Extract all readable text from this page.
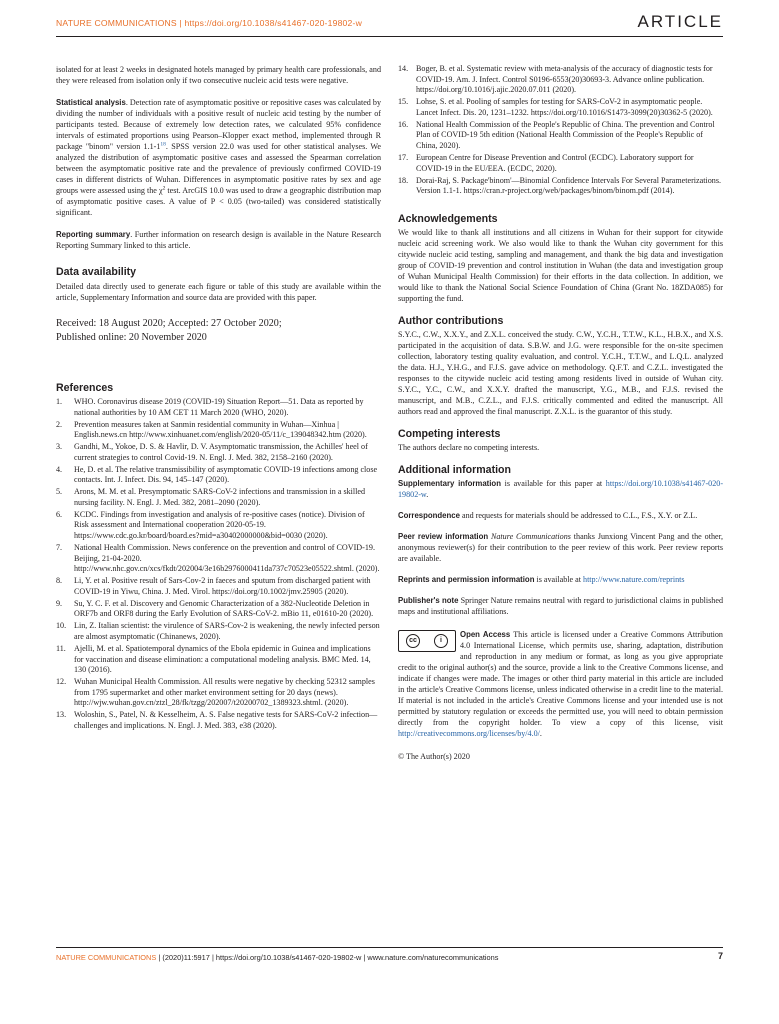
NATURE COMMUNICATIONS | https://doi.org/10.1038/s41467-020-19802-w	ARTICLE

isolated for at least 2 weeks in designated hotels managed by primary health care professionals, and they were released from isolation only if two consecutive nucleic acid tests were negative.

Statistical analysis. Detection rate of asymptomatic positive or repositive cases was calculated by dividing the number of individuals with a positive result of nucleic acid testing by the number of participants tested. Because of extremely low detection rates, we calculated 95% confidence intervals of estimated proportions using Pearson–Klopper exact method, implemented through R package "binom" version $1.1-1^{18}$. SPSS version 22.0 was used for other statistical analyses. We analyzed the distribution of asymptomatic positive cases and assessed the Spearman correlation between the asymptomatic positive rate and the prevalence of previously confirmed COVID-19 cases in different districts of Wuhan. Differences in asymptomatic positive rates by sex and age groups were assessed using the $\chi^2$ test. ArcGIS 10.0 was used to draw a geographic distribution map of asymptomatic positive cases. A value of P < 0.05 (two-tailed) was considered statistically significant.

Reporting summary. Further information on research design is available in the Nature Research Reporting Summary linked to this article.

Data availability

Detailed data directly used to generate each figure or table of this study are available within the article, Supplementary Information and source data are provided with this paper.

Received: 18 August 2020; Accepted: 27 October 2020;

Published online: 20 November 2020

References
1. WHO. Coronavirus disease 2019 (COVID-19) Situation Report—51. Data as reported by national authorities by 10 AM CET 11 March 2020 (WHO, 2020).
2. Prevention measures taken at Sanmin residential community in Wuhan—Xinhua | English.news.cn http://www.xinhuanet.com/english/2020-05/11/c_139048342.htm (2020).
3. Gandhi, M., Yokoe, D. S. & Havlir, D. V. Asymptomatic transmission, the Achilles' heel of current strategies to control Covid-19. N. Engl. J. Med. 382, 2158–2160 (2020).
4. He, D. et al. The relative transmissibility of asymptomatic COVID-19 infections among close contacts. Int. J. Infect. Dis. 94, 145–147 (2020).
5. Arons, M. M. et al. Presymptomatic SARS-CoV-2 infections and transmission in a skilled nursing facility. N. Engl. J. Med. 382, 2081–2090 (2020).
6. KCDC. Findings from investigation and analysis of re-positive cases (notice). Division of Risk assessment and International cooperation 2020-05-19. https://www.cdc.go.kr/board/board.es?mid=a30402000000&bid=0030 (2020).
7. National Health Commission. News conference on the prevention and control of COVID-19. Beijing, 21-04-2020. http://www.nhc.gov.cn/xcs/fkdt/202004/3e16b2976000411da737c70523e05522.shtml. (2020).
8. Li, Y. et al. Positive result of Sars-Cov-2 in faeces and sputum from discharged patient with COVID-19 in Yiwu, China. J. Med. Virol. https://doi.org/10.1002/jmv.25905 (2020).
9. Su, Y. C. F. et al. Discovery and Genomic Characterization of a 382-Nucleotide Deletion in ORF7b and ORF8 during the Early Evolution of SARS-CoV-2. mBio 11, e01610-20 (2020).
10. Lin, Z. Italian scientist: the virulence of SARS-Cov-2 is weakening, the newly infected person are almost asymptomatic (Chinanews, 2020).
11. Ajelli, M. et al. Spatiotemporal dynamics of the Ebola epidemic in Guinea and implications for vaccination and disease elimination: a computational modeling analysis. BMC Med. 14, 130 (2016).
12. Wuhan Municipal Health Commission. All results were negative by checking 52312 samples from 1795 supermarket and other market environment setting for 20 days (news). http://wjw.wuhan.gov.cn/ztzl_28/fk/tzgg/202007/t20200702_1389323.shtml. (2020).
13. Woloshin, S., Patel, N. & Kesselheim, A. S. False negative tests for SARS-CoV-2 infection—challenges and implications. N. Engl. J. Med. 383, e38 (2020).
14. Boger, B. et al. Systematic review with meta-analysis of the accuracy of diagnostic tests for COVID-19. Am. J. Infect. Control S0196-6553(20)30693-3. Advance online publication. https://doi.org/10.1016/j.ajic.2020.07.011 (2020).
15. Lohse, S. et al. Pooling of samples for testing for SARS-CoV-2 in asymptomatic people. Lancet Infect. Dis. 20, 1231–1232. https://doi.org/10.1016/S1473-3099(20)30362-5 (2020).
16. National Health Commission of the People's Republic of China. The prevention and Control Plan of COVID-19 5th edition (National Health Commission of the People's Republic of China, 2020).
17. European Centre for Disease Prevention and Control (ECDC). Laboratory support for COVID-19 in the EU/EEA. (ECDC, 2020).
18. Dorai-Raj, S. Package'binom'—Binomial Confidence Intervals For Several Parameterizations. Version 1.1-1. https://cran.r-project.org/web/packages/binom/binom.pdf (2014).
Acknowledgements

We would like to thank all institutions and all citizens in Wuhan for their support for citywide nucleic acid screening work. We also would like to thank the Wuhan city government for this citywide nucleic acid testing, sampling and management, and thank the big data and investigation group of COVID-19 prevention and control institution in Wuhan (the data and investigation group of Wuhan Municipal Health Commission) for their efforts in the data collection. In addition, we would like to thank the National Social Science Foundation of China (Grant No. 18ZDA085) for supporting the fund.

Author contributions

S.Y.C., C.W., X.X.Y., and Z.X.L. conceived the study. C.W., Y.C.H., T.T.W., K.L., H.B.X., and X.S. participated in the acquisition of data. S.B.W. and J.G. were responsible for the on-site specimen collection, laboratory testing quality evaluation, and control. Y.C.H., T.T.W., and L.Q.L. analyzed the data. H.J., Y.H.G., and F.J.S. gave advice on methodology. Q.F.T. and C.Z.L. investigated the responses to the citywide nucleic acid testing among residents lived in outside of Wuhan city. S.Y.C., Y.C., C.W., and X.X.Y. drafted the manuscript, Y.G., M.B., and F.J.S. revised the manuscript, and M.B., C.Z.L., and F.J.S. critically commented and edited the manuscript. All authors read and approved the final manuscript. Z.X.L. is the guarantor of this study.

Competing interests

The authors declare no competing interests.

Additional information

Supplementary information is available for this paper at https://doi.org/10.1038/s41467-020-19802-w.

Correspondence and requests for materials should be addressed to C.L., F.S., X.Y. or Z.L.

Peer review information Nature Communications thanks Junxiong Vincent Pang and the other, anonymous reviewer(s) for their contribution to the peer review of this work. Peer review reports are available.

Reprints and permission information is available at http://www.nature.com/reprints

Publisher's note Springer Nature remains neutral with regard to jurisdictional claims in published maps and institutional affiliations.

cc	i
Open Access This article is licensed under a Creative Commons Attribution 4.0 International License, which permits use, sharing, adaptation, distribution and reproduction in any medium or format, as long as you give appropriate credit to the original author(s) and the source, provide a link to the Creative Commons license, and indicate if changes were made. The images or other third party material in this article are included in the article's Creative Commons license, unless indicated otherwise in a credit line to the material. If material is not included in the article's Creative Commons license and your intended use is not permitted by statutory regulation or exceeds the permitted use, you will need to obtain permission directly from the copyright holder. To view a copy of this license, visit http://creativecommons.org/licenses/by/4.0/.

© The Author(s) 2020

NATURE COMMUNICATIONS | (2020)11:5917 | https://doi.org/10.1038/s41467-020-19802-w | www.nature.com/naturecommunications	7
